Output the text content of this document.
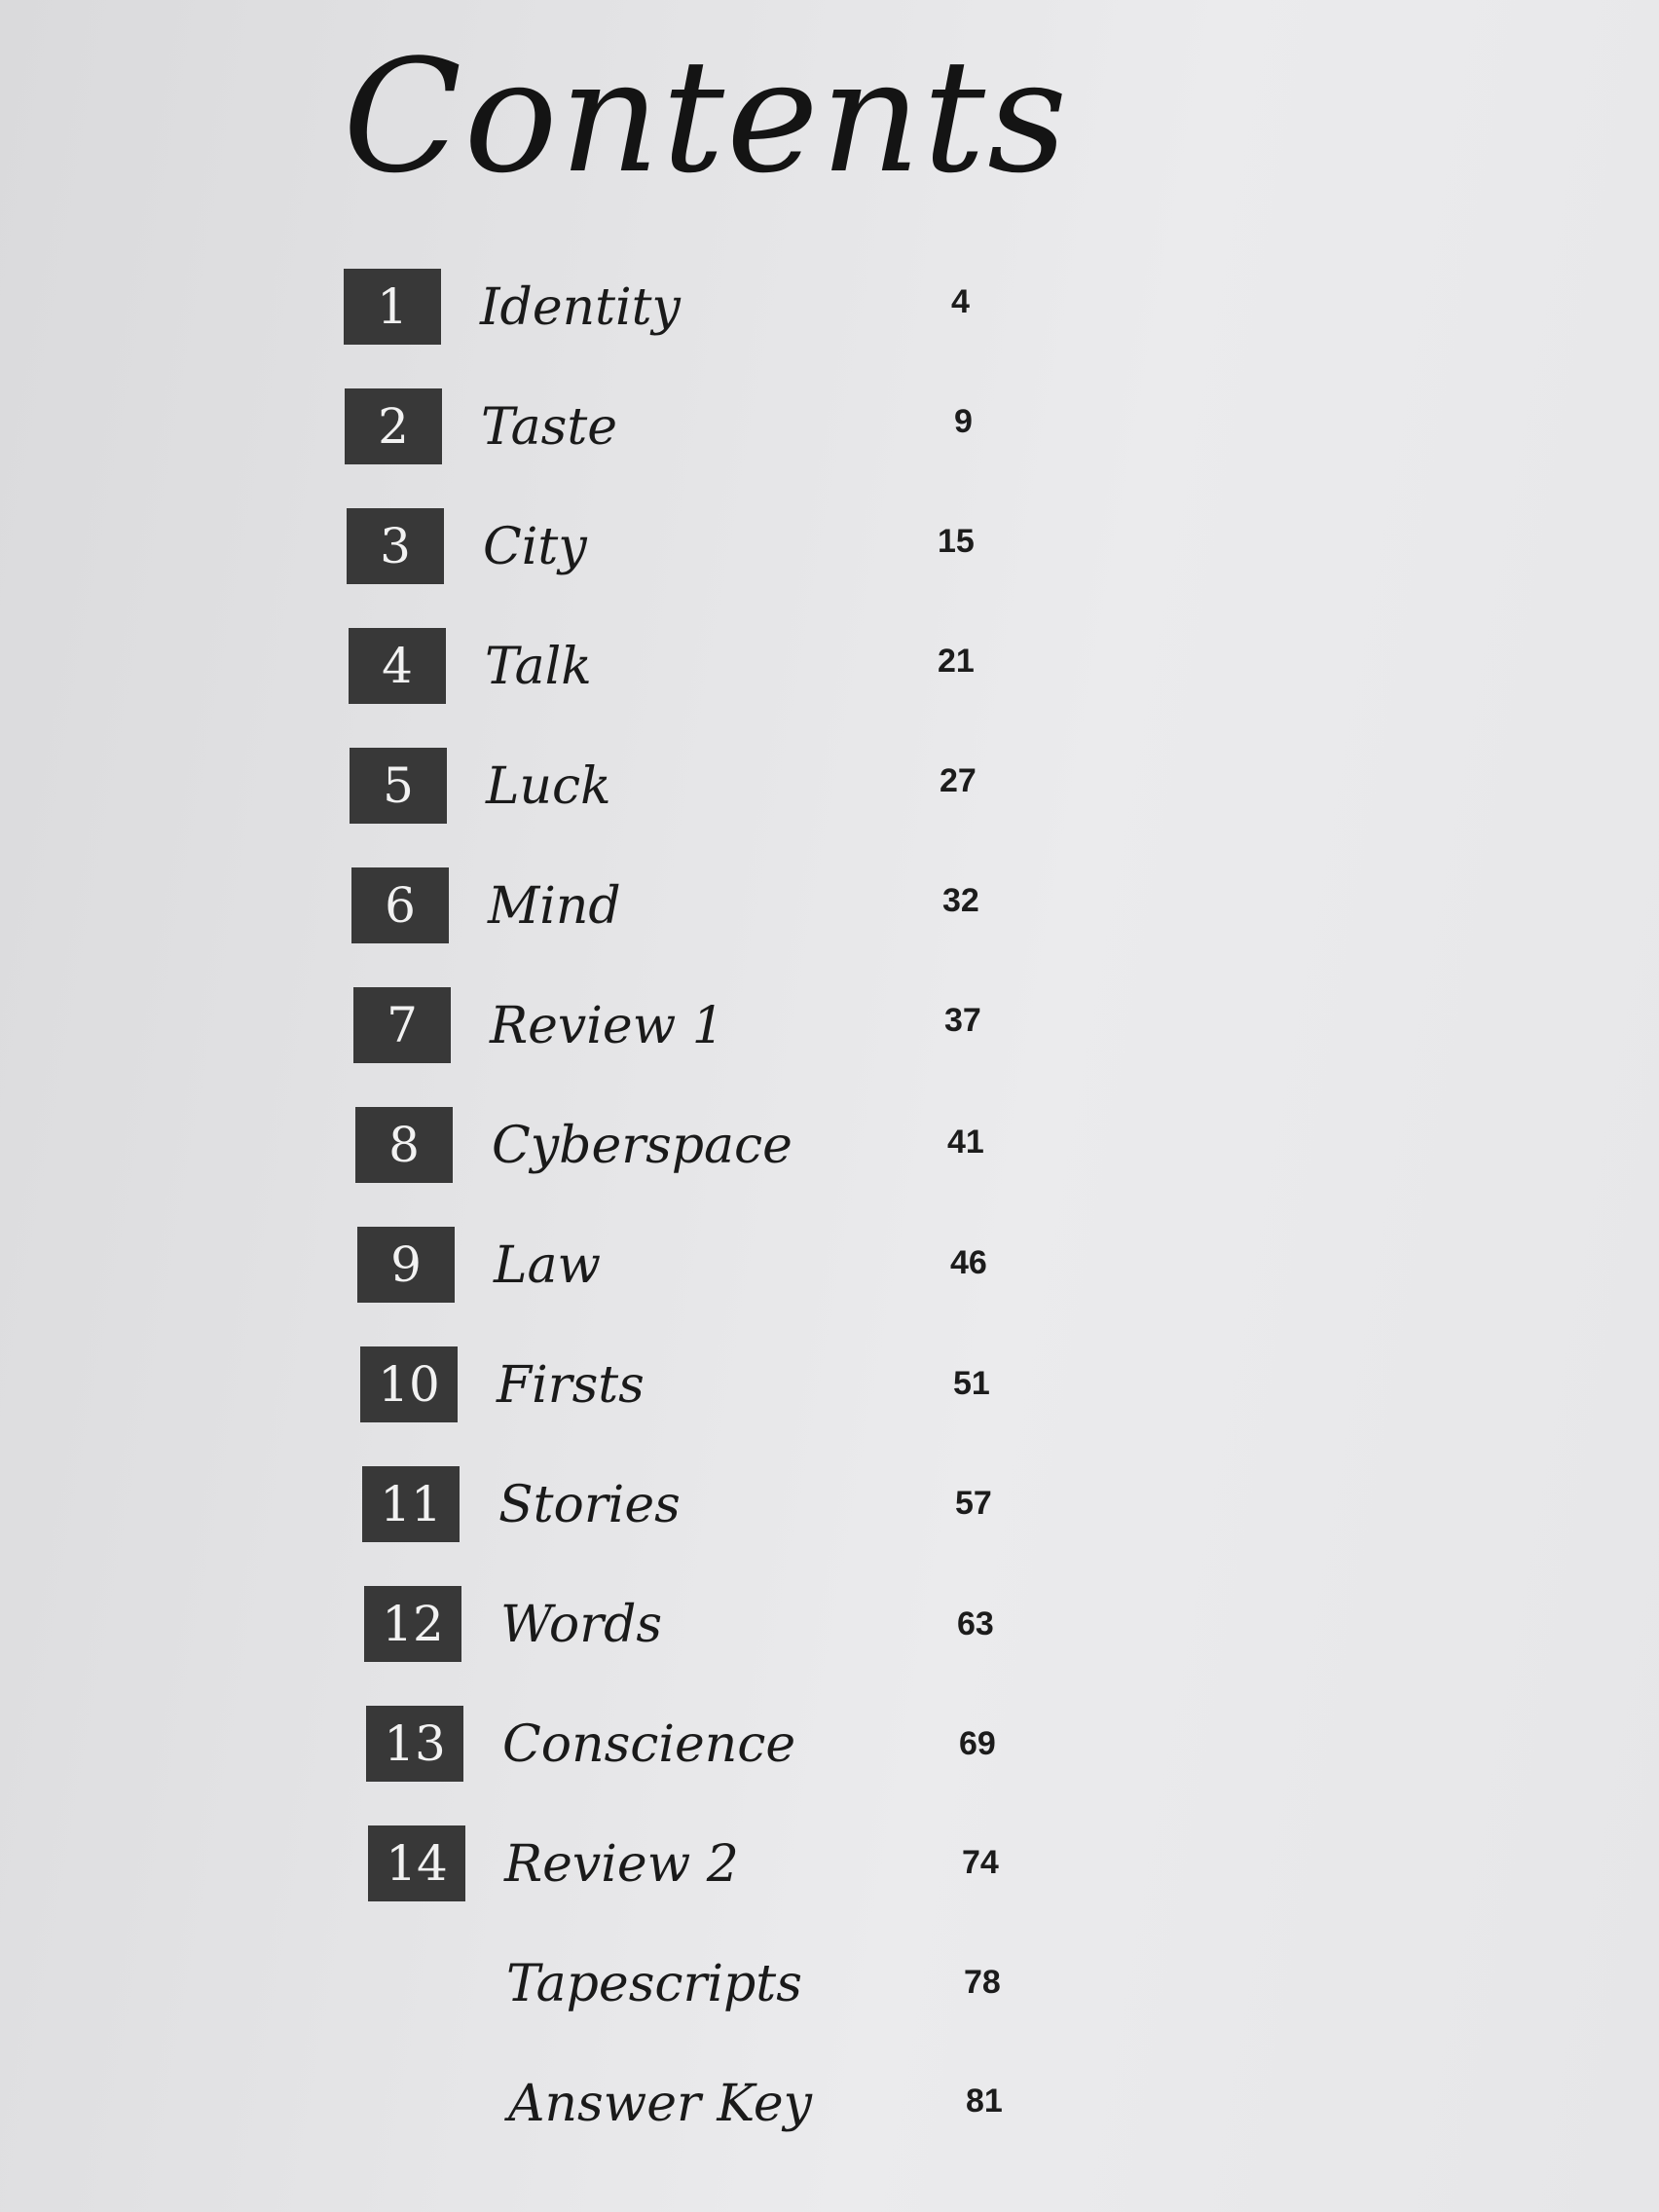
Contents
1	Identity	4
2	Taste	9
3	City	15
4	Talk	21
5	Luck	27
6	Mind	32
7	Review 1	37
8	Cyberspace	41
9	Law	46
10	Firsts	51
11	Stories	57
12	Words	63
13	Conscience	69
14	Review 2	74
Tapescripts	78
Answer Key	81
